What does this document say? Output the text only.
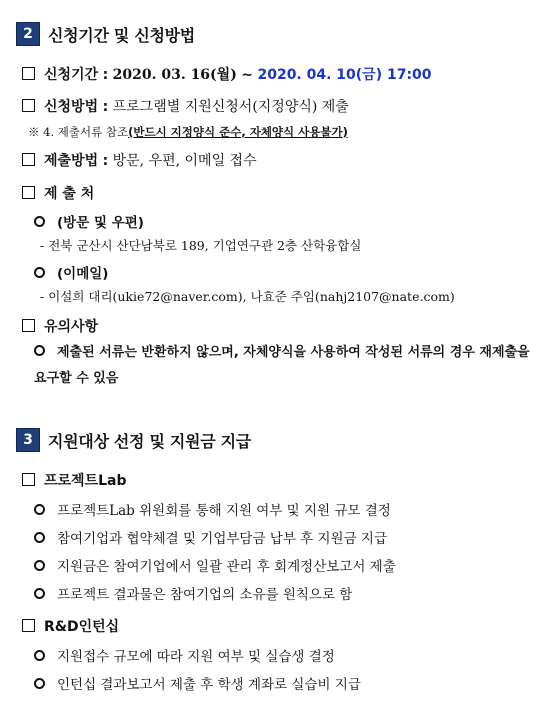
2 신청기간 및 신청방법
신청기간 : 2020. 03. 16(월) ~ 2020. 04. 10(금) 17:00
신청방법 : 프로그램별 지원신청서(지정양식) 제출
※ 4. 제출서류 참조(반드시 지정양식 준수, 자체양식 사용불가)
제출방법 : 방문, 우편, 이메일 접수
제 출 처
(방문 및 우편)
- 전북 군산시 산단남북로 189, 기업연구관 2층 산학융합실
(이메일)
- 이설희 대리(ukie72@naver.com), 나효준 주임(nahj2107@nate.com)
유의사항
제출된 서류는 반환하지 않으며, 자체양식을 사용하여 작성된 서류의 경우 재제출을 요구할 수 있음
3 지원대상 선정 및 지원금 지급
프로젝트Lab
프로젝트Lab 위원회를 통해 지원 여부 및 지원 규모 결정
참여기업과 협약체결 및 기업부담금 납부 후 지원금 지급
지원금은 참여기업에서 일괄 관리 후 회계정산보고서 제출
프로젝트 결과물은 참여기업의 소유를 원칙으로 함
R&D인턴십
지원접수 규모에 따라 지원 여부 및 실습생 결정
인턴십 결과보고서 제출 후 학생 계좌로 실습비 지급
